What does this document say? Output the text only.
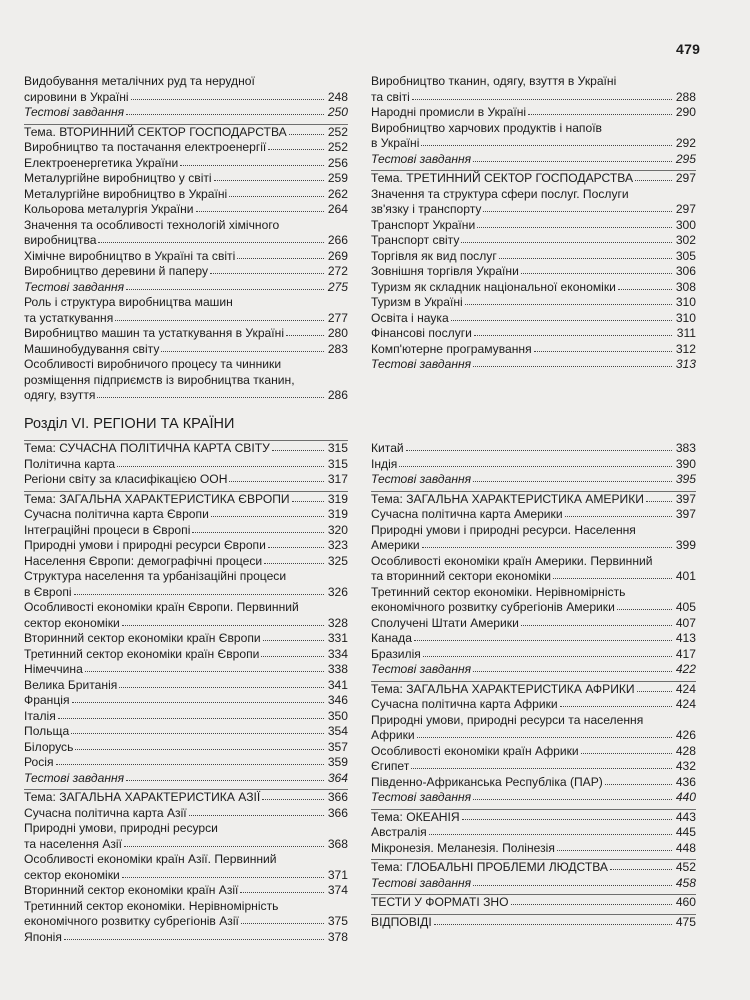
479
Видобування металічних руд та нерудної
сировини в Україні	248
Тестові завдання	250
Тема. ВТОРИННИЙ СЕКТОР ГОСПОДАРСТВА	252
Виробництво та постачання електроенергії	252
Електроенергетика України	256
Металургійне виробництво у світі	259
Металургійне виробництво в Україні	262
Кольорова металургія України	264
Значення та особливості технологій хімічного
виробництва	266
Хімічне виробництво в Україні та світі	269
Виробництво деревини й паперу	272
Тестові завдання	275
Роль і структура виробництва машин
та устаткування	277
Виробництво машин та устаткування в Україні	280
Машинобудування світу	283
Особливості виробничого процесу та чинники
розміщення підприємств із виробництва тканин,
одягу, взуття	286
Виробництво тканин, одягу, взуття в Україні
та світі	288
Народні промисли в Україні	290
Виробництво харчових продуктів і напоїв
в Україні	292
Тестові завдання	295
Тема. ТРЕТИННИЙ СЕКТОР ГОСПОДАРСТВА	297
Значення та структура сфери послуг. Послуги
зв'язку і транспорту	297
Транспорт України	300
Транспорт світу	302
Торгівля як вид послуг	305
Зовнішня торгівля України	306
Туризм як складник національної економіки	308
Туризм в Україні	310
Освіта і наука	310
Фінансові послуги	311
Комп'ютерне програмування	312
Тестові завдання	313
Розділ VI. РЕГІОНИ ТА КРАЇНИ
Тема: СУЧАСНА ПОЛІТИЧНА КАРТА СВІТУ	315
Політична карта	315
Регіони світу за класифікацією ООН	317
Тема: ЗАГАЛЬНА ХАРАКТЕРИСТИКА ЄВРОПИ	319
Сучасна політична карта Європи	319
Інтеграційні процеси в Європі	320
Природні умови і природні ресурси Європи	323
Населення Європи: демографічні процеси	325
Структура населення та урбанізаційні процеси
в Європі	326
Особливості економіки країн Європи. Первинний
сектор економіки	328
Вторинний сектор економіки країн Європи	331
Третинний сектор економіки країн Європи	334
Німеччина	338
Велика Британія	341
Франція	346
Італія	350
Польща	354
Білорусь	357
Росія	359
Тестові завдання	364
Тема: ЗАГАЛЬНА ХАРАКТЕРИСТИКА АЗІЇ	366
Сучасна політична карта Азії	366
Природні умови, природні ресурси
та населення Азії	368
Особливості економіки країн Азії. Первинний
сектор економіки	371
Вторинний сектор економіки країн Азії	374
Третинний сектор економіки. Нерівномірність
економічного розвитку субрегіонів Азії	375
Японія	378
Китай	383
Індія	390
Тестові завдання	395
Тема: ЗАГАЛЬНА ХАРАКТЕРИСТИКА АМЕРИКИ	397
Сучасна політична карта Америки	397
Природні умови і природні ресурси. Населення
Америки	399
Особливості економіки країн Америки. Первинний
та вторинний сектори економіки	401
Третинний сектор економіки. Нерівномірність
економічного розвитку субрегіонів Америки	405
Сполучені Штати Америки	407
Канада	413
Бразилія	417
Тестові завдання	422
Тема: ЗАГАЛЬНА ХАРАКТЕРИСТИКА АФРИКИ	424
Сучасна політична карта Африки	424
Природні умови, природні ресурси та населення
Африки	426
Особливості економіки країн Африки	428
Єгипет	432
Південно-Африканська Республіка (ПАР)	436
Тестові завдання	440
Тема: ОКЕАНІЯ	443
Австралія	445
Мікронезія. Меланезія. Полінезія	448
Тема: ГЛОБАЛЬНІ ПРОБЛЕМИ ЛЮДСТВА	452
Тестові завдання	458
ТЕСТИ У ФОРМАТІ ЗНО	460
ВІДПОВІДІ	475
